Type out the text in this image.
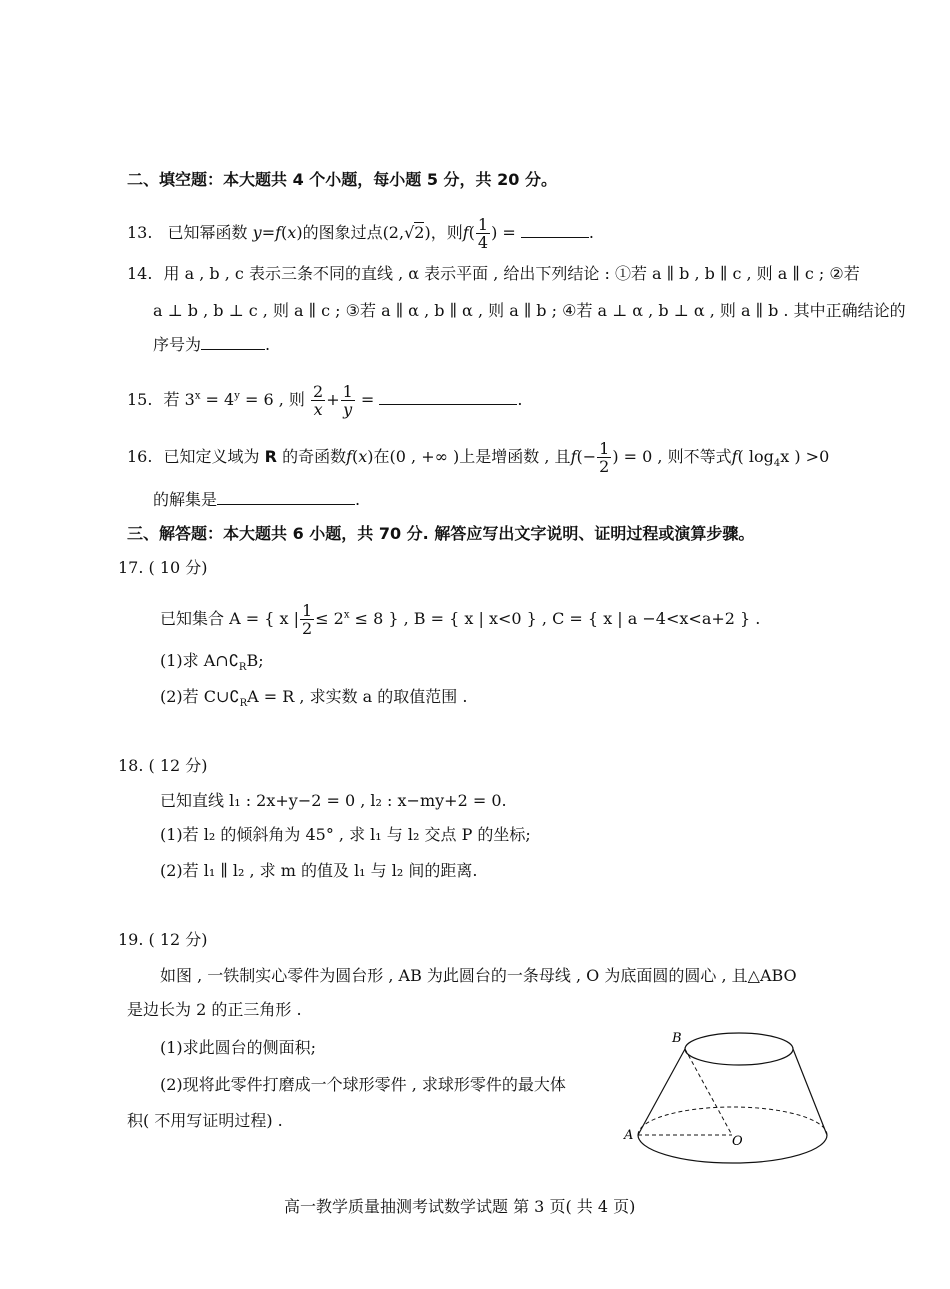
二、填空题：本大题共 4 个小题，每小题 5 分，共 20 分。
13. 已知幂函数 y=f(x)的图象过点(2,√2)，则$f( \frac{1}{4}$ ) =	.
14. 用 a , b , c 表示三条不同的直线 , α 表示平面 , 给出下列结论 : ①若 a ∥ b , b ∥ c , 则 a ∥ c ; ②若
a ⊥ b , b ⊥ c , 则 a ∥ c ; ③若 a ∥ α , b ∥ α , 则 a ∥ b ; ④若 a ⊥ α , b ⊥ α , 则 a ∥ b . 其中正确结论的
序号为	.
15. 若 $3^x = 4^y = 6$ , 则 $\frac{2}{x} + \frac{1}{y}$ =	.
16. 已知定义域为 R 的奇函数f(x)在(0 , +∞ )上是增函数 , 且$f(- \frac{1}{2}$ ) = 0 , 则不等式f( $\log_4x$ ) >0
的解集是	.
三、解答题：本大题共 6 小题，共 70 分. 解答应写出文字说明、证明过程或演算步骤。
17. ( 10 分)
已知集合 A = { x | $\frac{1}{2} \le 2^x \le 8$ } , B = { x | x<0 } , C = { x | a −4<x<a+2 } .
(1)求 $A\cap∁_RB$;
(2)若 $C\cup∁_RA = R$ , 求实数 a 的取值范围 .
18. ( 12 分)
已知直线 l₁ : 2x+y−2 = 0 , l₂ : x−my+2 = 0.
(1)若 l₂ 的倾斜角为 45° , 求 l₁ 与 l₂ 交点 P 的坐标;
(2)若 l₁ ∥ l₂ , 求 m 的值及 l₁ 与 l₂ 间的距离.
19. ( 12 分)
如图 , 一铁制实心零件为圆台形 , AB 为此圆台的一条母线 , O 为底面圆的圆心 , 且△ABO
是边长为 2 的正三角形 .
(1)求此圆台的侧面积;
(2)现将此零件打磨成一个球形零件 , 求球形零件的最大体
积( 不用写证明过程) .
B
A	O
高一教学质量抽测考试数学试题 第 3 页( 共 4 页)
